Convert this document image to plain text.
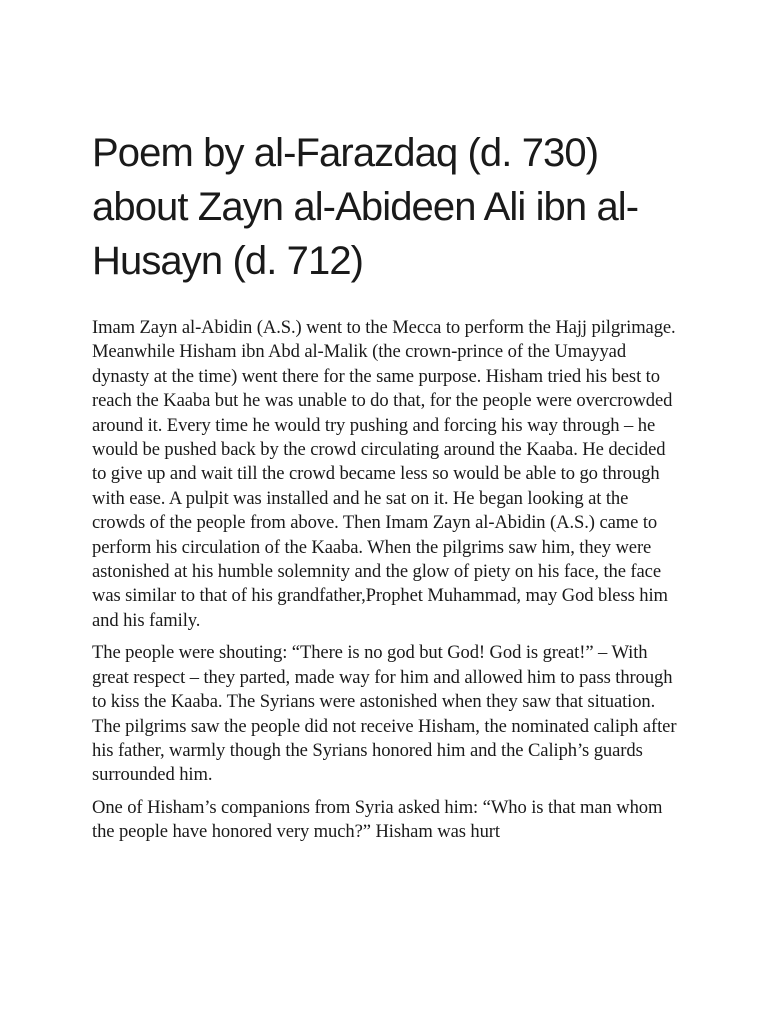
Poem by al-Farazdaq (d. 730) about Zayn al-Abideen Ali ibn al-Husayn (d. 712)

Imam Zayn al-Abidin (A.S.) went to the Mecca to perform the Hajj pilgrimage. Meanwhile Hisham ibn Abd al-Malik (the crown-prince of the Umayyad dynasty at the time) went there for the same purpose. Hisham tried his best to reach the Kaaba but he was unable to do that, for the people were overcrowded around it. Every time he would try pushing and forcing his way through – he would be pushed back by the crowd circulating around the Kaaba. He decided to give up and wait till the crowd became less so would be able to go through with ease. A pulpit was installed and he sat on it. He began looking at the crowds of the people from above. Then Imam Zayn al-Abidin (A.S.) came to perform his circulation of the Kaaba. When the pilgrims saw him, they were astonished at his humble solemnity and the glow of piety on his face, the face was similar to that of his grandfather,Prophet Muhammad, may God bless him and his family.

The people were shouting: “There is no god but God! God is great!” – With great respect – they parted, made way for him and allowed him to pass through to kiss the Kaaba. The Syrians were astonished when they saw that situation. The pilgrims saw the people did not receive Hisham, the nominated caliph after his father, warmly though the Syrians honored him and the Caliph’s guards surrounded him.

One of Hisham’s companions from Syria asked him: “Who is that man whom the people have honored very much?” Hisham was hurt
